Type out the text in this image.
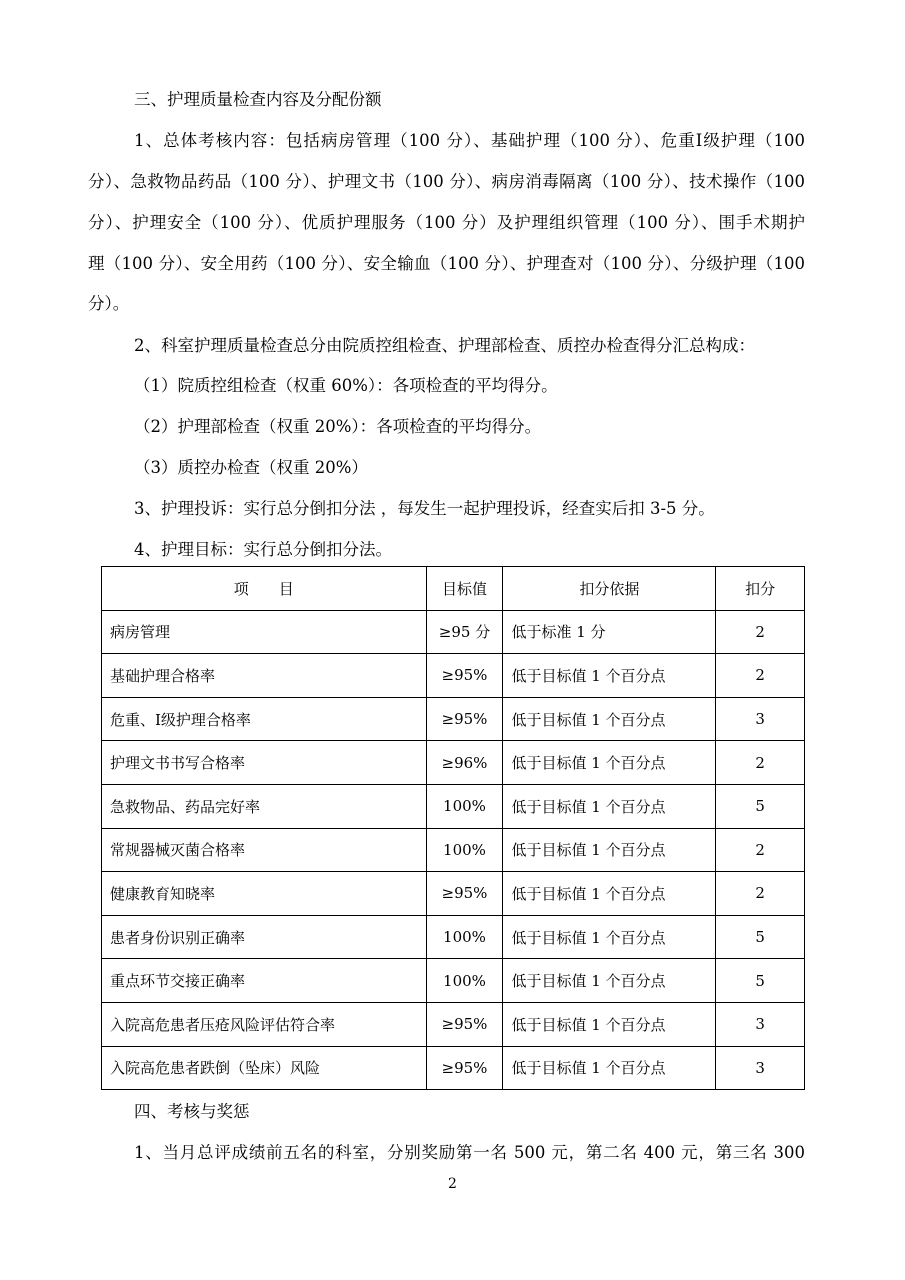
三、护理质量检查内容及分配份额
1、总体考核内容：包括病房管理（100 分）、基础护理（100 分）、危重Ⅰ级护理（100
分）、急救物品药品（100 分）、护理文书（100 分）、病房消毒隔离（100 分）、技术操作（100
分）、护理安全（100 分）、优质护理服务（100 分）及护理组织管理（100 分）、围手术期护
理（100 分）、安全用药（100 分）、安全输血（100 分）、护理查对（100 分）、分级护理（100
分）。
2、科室护理质量检查总分由院质控组检查、护理部检查、质控办检查得分汇总构成：
（1）院质控组检查（权重 60%）：各项检查的平均得分。
（2）护理部检查（权重 20%）：各项检查的平均得分。
（3）质控办检查（权重 20%）
3、护理投诉：实行总分倒扣分法 ，每发生一起护理投诉，经查实后扣 3-5 分。
4、护理目标：实行总分倒扣分法。
项　　目	目标值	扣分依据	扣分
病房管理	≥95 分	低于标准 1 分	2
基础护理合格率	≥95%	低于目标值 1 个百分点	2
危重、Ⅰ级护理合格率	≥95%	低于目标值 1 个百分点	3
护理文书书写合格率	≥96%	低于目标值 1 个百分点	2
急救物品、药品完好率	100%	低于目标值 1 个百分点	5
常规器械灭菌合格率	100%	低于目标值 1 个百分点	2
健康教育知晓率	≥95%	低于目标值 1 个百分点	2
患者身份识别正确率	100%	低于目标值 1 个百分点	5
重点环节交接正确率	100%	低于目标值 1 个百分点	5
入院高危患者压疮风险评估符合率	≥95%	低于目标值 1 个百分点	3
入院高危患者跌倒（坠床）风险	≥95%	低于目标值 1 个百分点	3
四、考核与奖惩
1、当月总评成绩前五名的科室，分别奖励第一名 500 元，第二名 400 元，第三名 300
2
